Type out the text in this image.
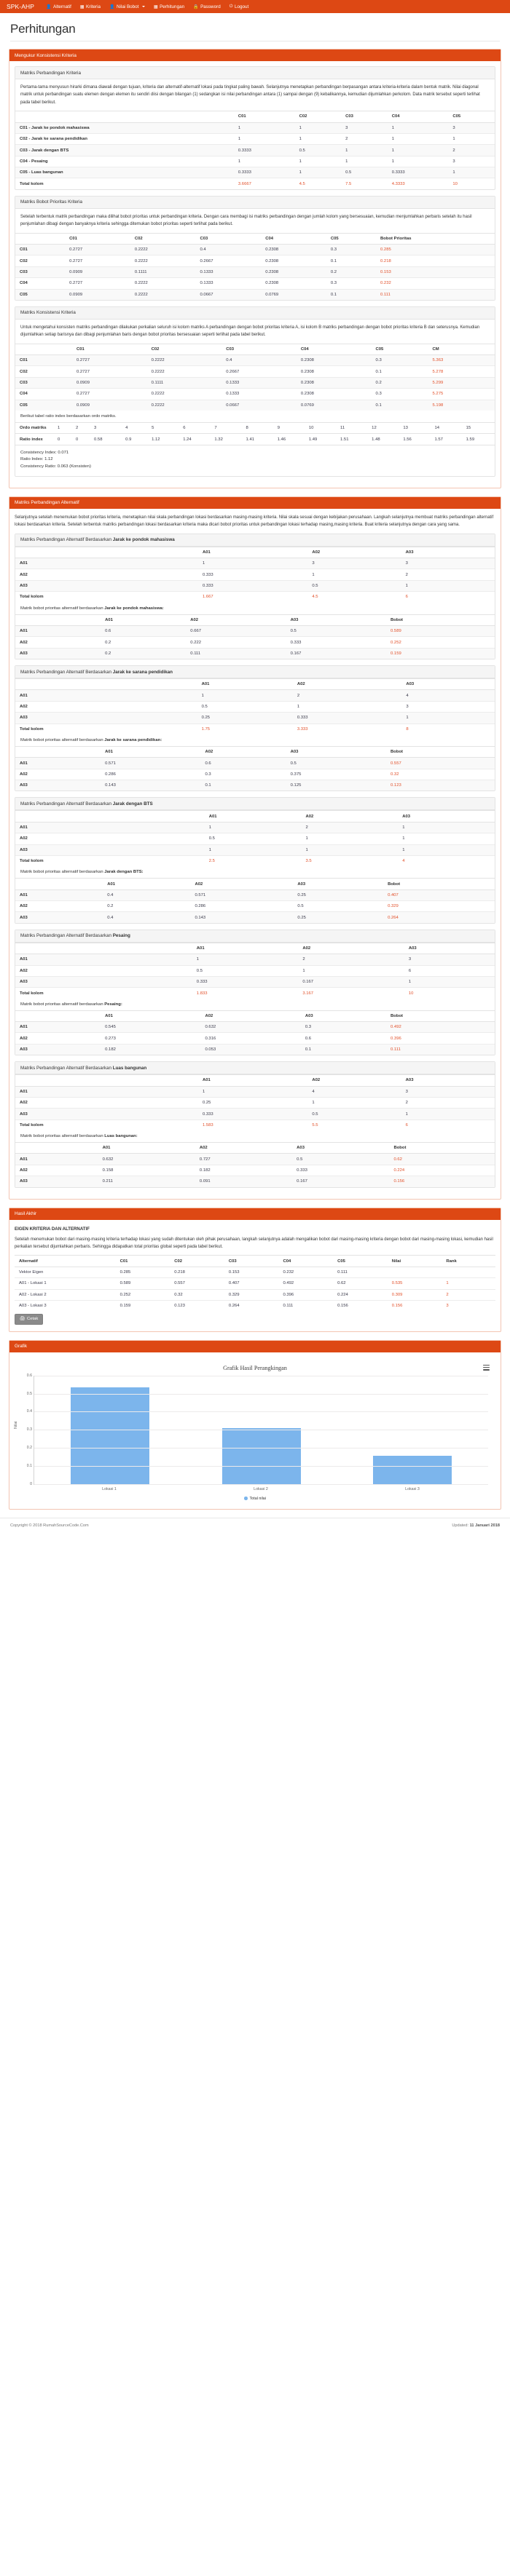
SPK-AHP	👤 Alternatif ▦ Kriteria 👤 Nilai Bobot	▦ Perhitungan 🔒 Password ⏻ Logout
Perhitungan
Mengukur Konsistensi Kriteria
Matriks Perbandingan Kriteria

Pertama-tama menyusun hirarki dimana diawali dengan tujuan, kriteria dan alternatif-alternatif lokasi pada tingkat paling bawah. Selanjutnya menetapkan perbandingan berpasangan antara kriteria-kriteria dalam bentuk matrik. Nilai diagonal matrik untuk perbandingan suatu elemen dengan elemen itu sendiri diisi dengan bilangan (1) sedangkan isi nilai perbandingan antara (1) sampai dengan (9) kebalikannya, kemudian dijumlahkan perkolom. Data matrik tersebut seperti terlihat pada tabel berikut.

	C01	C02	C03	C04	C05
C01 - Jarak ke pondok mahasiswa	1	1	3	1	3
C02 - Jarak ke sarana pendidikan	1	1	2	1	1
C03 - Jarak dengan BTS	0.3333	0.5	1	1	2
C04 - Pesaing	1	1	1	1	3
C05 - Luas bangunan	0.3333	1	0.5	0.3333	1
Total kolom	3.6667	4.5	7.5	4.3333	10
Matriks Bobot Prioritas Kriteria

Setelah terbentuk matrik perbandingan maka dilihat bobot prioritas untuk perbandingan kriteria. Dengan cara membagi isi matriks perbandingan dengan jumlah kolom yang bersesuaian, kemudian menjumlahkan perbaris setelah itu hasil penjumlahan dibagi dengan banyaknya kriteria sehingga ditemukan bobot prioritas seperti terlihat pada berikut.

	C01	C02	C03	C04	C05	Bobot Prioritas
C01	0.2727	0.2222	0.4	0.2308	0.3	0.285
C02	0.2727	0.2222	0.2667	0.2308	0.1	0.218
C03	0.0909	0.1111	0.1333	0.2308	0.2	0.153
C04	0.2727	0.2222	0.1333	0.2308	0.3	0.232
C05	0.0909	0.2222	0.0667	0.0769	0.1	0.111
Matriks Konsistensi Kriteria

Untuk mengetahui konsisten matriks perbandingan dilakukan perkalian seluruh isi kolom matriks A perbandingan dengan bobot prioritas kriteria A, isi kolom B matriks perbandingan dengan bobot prioritas kriteria B dan seterusnya. Kemudian dijumlahkan setiap barisnya dan dibagi penjumlahan baris dengan bobot prioritas bersesuaian seperti terlihat pada tabel berikut.

	C01	C02	C03	C04	C05	CM
C01	0.2727	0.2222	0.4	0.2308	0.3	5.363
C02	0.2727	0.2222	0.2667	0.2308	0.1	5.278
C03	0.0909	0.1111	0.1333	0.2308	0.2	5.299
C04	0.2727	0.2222	0.1333	0.2308	0.3	5.275
C05	0.0909	0.2222	0.0667	0.0769	0.1	5.198
Berikut tabel ratio index berdasarkan ordo matriks.
Ordo matriks	1	2	3	4	5	6	7	8	9	10	11	12	13	14	15
Ratio index	0	0	0.58	0.9	1.12	1.24	1.32	1.41	1.46	1.49	1.51	1.48	1.56	1.57	1.59
Consistency Index: 0.071
Ratio Index: 1.12
Consistency Ratio: 0.063 (Konsisten)
Matriks Perbandingan Alternatif

Selanjutnya setelah menemukan bobot prioritas kriteria, menetapkan nilai skala perbandingan lokasi berdasarkan masing-masing kriteria. Nilai skala sesuai dengan kebijakan perusahaan. Langkah selanjutnya membuat matriks perbandingan alternatif lokasi berdasarkan kriteria. Setelah terbentuk matriks perbandingan lokasi berdasarkan kriteria maka dicari bobot prioritas untuk perbandingan lokasi terhadap masing,masing kriteria. Buat kriteria selanjutnya dengan cara yang sama.

Matriks Perbandingan Alternatif Berdasarkan Jarak ke pondok mahasiswa
	A01	A02	A03
A01	1	3	3
A02	0.333	1	2
A03	0.333	0.5	1
Total kolom	1.667	4.5	6
Matrik bobot prioritas alternatif berdasarkan Jarak ke pondok mahasiswa:
	A01	A02	A03	Bobot
A01	0.6	0.667	0.5	0.589
A02	0.2	0.222	0.333	0.252
A03	0.2	0.111	0.167	0.159
Matriks Perbandingan Alternatif Berdasarkan Jarak ke sarana pendidikan
	A01	A02	A03
A01	1	2	4
A02	0.5	1	3
A03	0.25	0.333	1
Total kolom	1.75	3.333	8
Matrik bobot prioritas alternatif berdasarkan Jarak ke sarana pendidikan:
	A01	A02	A03	Bobot
A01	0.571	0.6	0.5	0.557
A02	0.286	0.3	0.375	0.32
A03	0.143	0.1	0.125	0.123
Matriks Perbandingan Alternatif Berdasarkan Jarak dengan BTS
	A01	A02	A03
A01	1	2	1
A02	0.5	1	1
A03	1	1	1
Total kolom	2.5	3.5	4
Matrik bobot prioritas alternatif berdasarkan Jarak dengan BTS:
	A01	A02	A03	Bobot
A01	0.4	0.571	0.25	0.407
A02	0.2	0.286	0.5	0.329
A03	0.4	0.143	0.25	0.264
Matriks Perbandingan Alternatif Berdasarkan Pesaing
	A01	A02	A03
A01	1	2	3
A02	0.5	1	6
A03	0.333	0.167	1
Total kolom	1.833	3.167	10
Matrik bobot prioritas alternatif berdasarkan Pesaing:
	A01	A02	A03	Bobot
A01	0.545	0.632	0.3	0.492
A02	0.273	0.316	0.6	0.396
A03	0.182	0.053	0.1	0.111
Matriks Perbandingan Alternatif Berdasarkan Luas bangunan
	A01	A02	A03
A01	1	4	3
A02	0.25	1	2
A03	0.333	0.5	1
Total kolom	1.583	5.5	6
Matrik bobot prioritas alternatif berdasarkan Luas bangunan:
	A01	A02	A03	Bobot
A01	0.632	0.727	0.5	0.62
A02	0.158	0.182	0.333	0.224
A03	0.211	0.091	0.167	0.156
Hasil Akhir
EIGEN KRITERIA DAN ALTERNATIF

Setelah menemukan bobot dari masing-masing kriteria terhadap lokasi yang sudah ditentukan oleh pihak perusahaan, langkah selanjutnya adalah mengalikan bobot dari masing-masing kriteria dengan bobot dari masing-masing lokasi, kemudian hasil perkalian tersebut dijumlahkan perbaris. Sehingga didapatkan total prioritas global seperti pada tabel berikut.

Alternatif	C01	C02	C03	C04	C05	Nilai	Rank
Vektor Eigen	0.285	0.218	0.153	0.232	0.111		
A01 - Lokasi 1	0.589	0.557	0.407	0.492	0.62	0.535	1
A02 - Lokasi 2	0.252	0.32	0.329	0.396	0.224	0.309	2
A03 - Lokasi 3	0.159	0.123	0.264	0.111	0.156	0.156	3
🖨 Cetak
Grafik
Grafik Hasil Perangkingan
Nilai
0
0.1
0.2
0.3
0.4
0.5
0.6
Lokasi 1	Lokasi 2	Lokasi 3
Total nilai
Copyright © 2018 RumahSourceCode.Com	Updated: 11 Januari 2018
